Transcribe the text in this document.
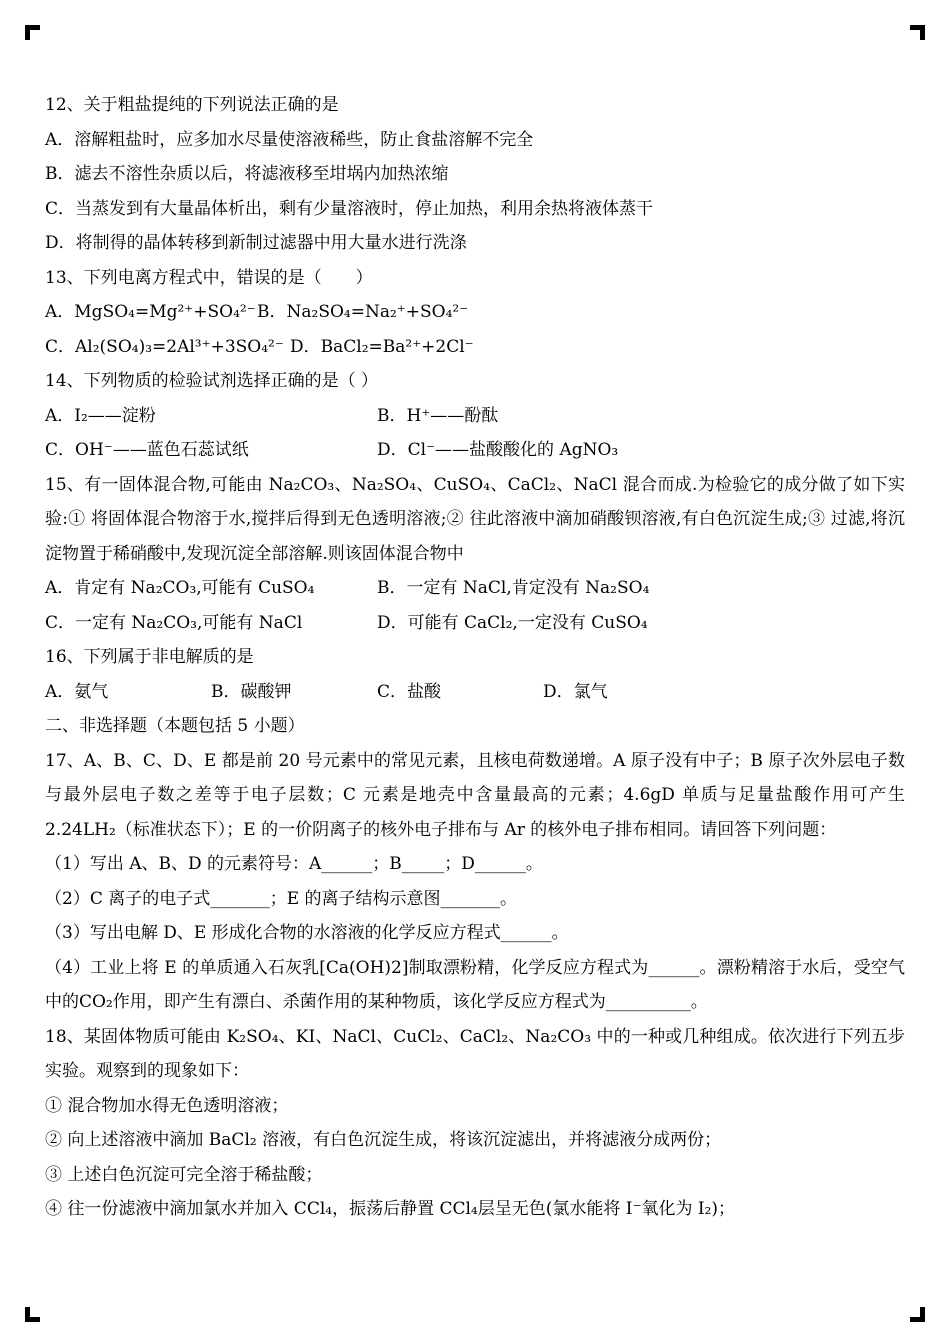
12、关于粗盐提纯的下列说法正确的是
A．溶解粗盐时，应多加水尽量使溶液稀些，防止食盐溶解不完全
B．滤去不溶性杂质以后，将滤液移至坩埚内加热浓缩
C．当蒸发到有大量晶体析出，剩有少量溶液时，停止加热，利用余热将液体蒸干
D．将制得的晶体转移到新制过滤器中用大量水进行洗涤
13、下列电离方程式中，错误的是（　　）
A．MgSO₄=Mg²⁺+SO₄²⁻ B．Na₂SO₄=Na₂⁺+SO₄²⁻
C．Al₂(SO₄)₃=2Al³⁺+3SO₄²⁻ D．BaCl₂=Ba²⁺+2Cl⁻
14、下列物质的检验试剂选择正确的是（ ）
A．I₂——淀粉	B．H⁺——酚酞
C．OH⁻——蓝色石蕊试纸	D．Cl⁻——盐酸酸化的 AgNO₃
15、有一固体混合物,可能由 Na₂CO₃、Na₂SO₄、CuSO₄、CaCl₂、NaCl 混合而成.为检验它的成分做了如下实验:① 将固体混合物溶于水,搅拌后得到无色透明溶液;② 往此溶液中滴加硝酸钡溶液,有白色沉淀生成;③ 过滤,将沉淀物置于稀硝酸中,发现沉淀全部溶解.则该固体混合物中
A．肯定有 Na₂CO₃,可能有 CuSO₄	B．一定有 NaCl,肯定没有 Na₂SO₄
C．一定有 Na₂CO₃,可能有 NaCl	D．可能有 CaCl₂,一定没有 CuSO₄
16、下列属于非电解质的是
A．氨气	B．碳酸钾	C．盐酸	D．氯气
二、非选择题（本题包括 5 小题）
17、A、B、C、D、E 都是前 20 号元素中的常见元素，且核电荷数递增。A 原子没有中子；B 原子次外层电子数与最外层电子数之差等于电子层数；C 元素是地壳中含量最高的元素；4.6gD 单质与足量盐酸作用可产生 2.24LH₂（标准状态下）；E 的一价阴离子的核外电子排布与 Ar 的核外电子排布相同。请回答下列问题：
（1）写出 A、B、D 的元素符号：A______；B_____；D______。
（2）C 离子的电子式_______；E 的离子结构示意图_______。
（3）写出电解 D、E 形成化合物的水溶液的化学反应方程式______。
（4）工业上将 E 的单质通入石灰乳[Ca(OH)2]制取漂粉精，化学反应方程式为______。漂粉精溶于水后，受空气中的CO₂作用，即产生有漂白、杀菌作用的某种物质，该化学反应方程式为__________。
18、某固体物质可能由 K₂SO₄、KI、NaCl、CuCl₂、CaCl₂、Na₂CO₃ 中的一种或几种组成。依次进行下列五步实验。观察到的现象如下：
① 混合物加水得无色透明溶液；
② 向上述溶液中滴加 BaCl₂ 溶液，有白色沉淀生成，将该沉淀滤出，并将滤液分成两份；
③ 上述白色沉淀可完全溶于稀盐酸；
④ 往一份滤液中滴加氯水并加入 CCl₄，振荡后静置 CCl₄层呈无色(氯水能将 I⁻氧化为 I₂)；
